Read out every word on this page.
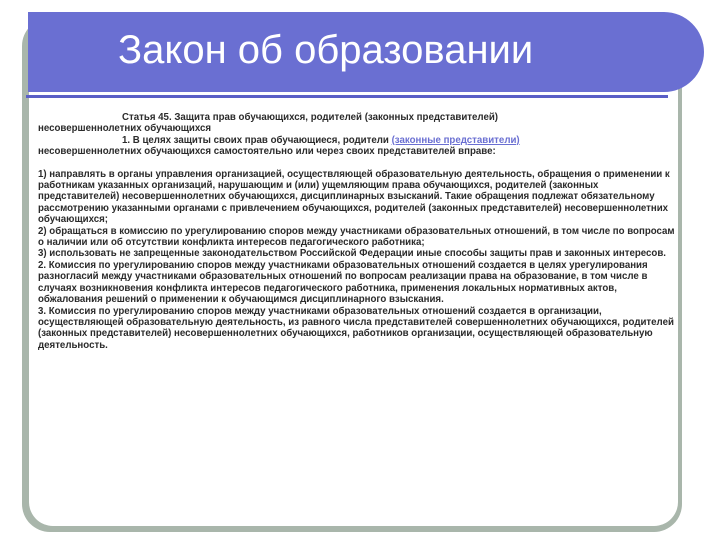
Закон об образовании

Статья 45. Защита прав обучающихся, родителей (законных представителей)

несовершеннолетних обучающихся

1. В целях защиты своих прав обучающиеся, родители (законные представители)

несовершеннолетних обучающихся самостоятельно или через своих представителей вправе:

1) направлять в органы управления организацией, осуществляющей образовательную деятельность, обращения о применении к работникам указанных организаций, нарушающим и (или) ущемляющим права обучающихся, родителей (законных представителей) несовершеннолетних обучающихся, дисциплинарных взысканий. Такие обращения подлежат обязательному рассмотрению указанными органами с привлечением обучающихся, родителей (законных представителей) несовершеннолетних обучающихся;

2) обращаться в комиссию по урегулированию споров между участниками образовательных отношений, в том числе по вопросам о наличии или об отсутствии конфликта интересов педагогического работника;

3) использовать не запрещенные законодательством Российской Федерации иные способы защиты прав и законных интересов.

2. Комиссия по урегулированию споров между участниками образовательных отношений создается в целях урегулирования разногласий между участниками образовательных отношений по вопросам реализации права на образование, в том числе в случаях возникновения конфликта интересов педагогического работника, применения локальных нормативных актов, обжалования решений о применении к обучающимся дисциплинарного взыскания.

3. Комиссия по урегулированию споров между участниками образовательных отношений создается в организации, осуществляющей образовательную деятельность, из равного числа представителей совершеннолетних обучающихся, родителей (законных представителей) несовершеннолетних обучающихся, работников организации, осуществляющей образовательную деятельность.
